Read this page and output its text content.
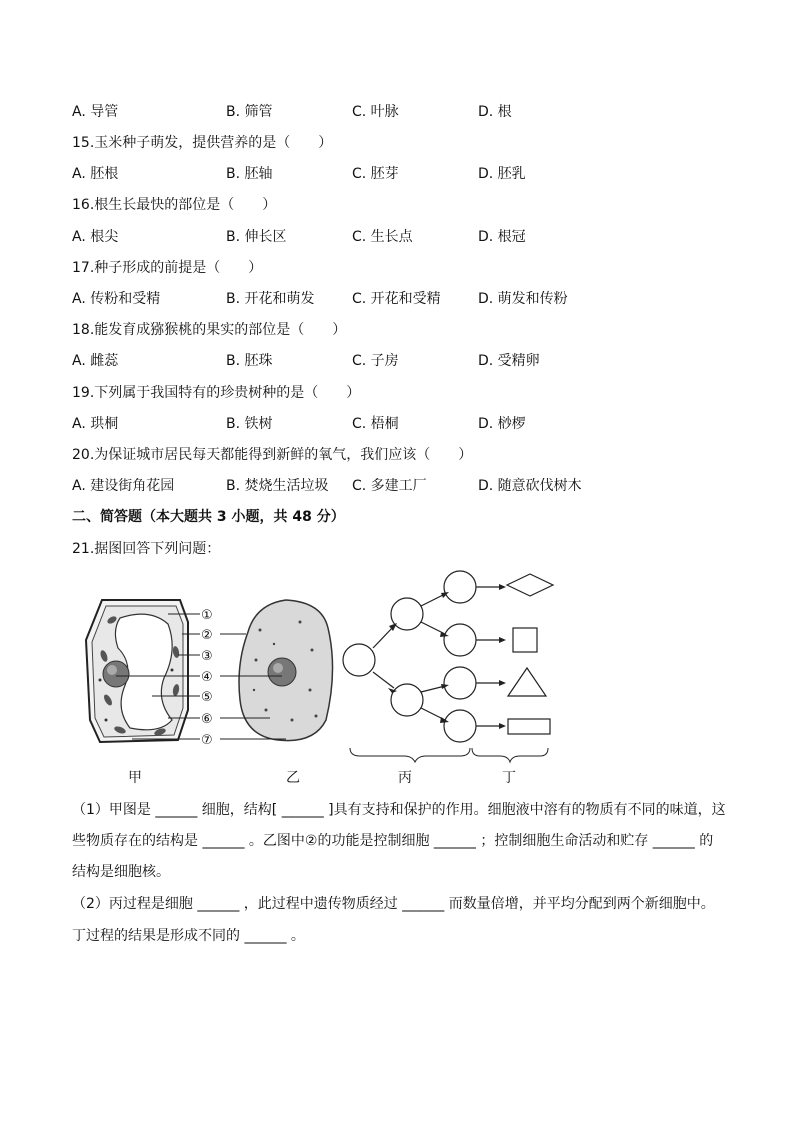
A. 导管	B. 筛管	C. 叶脉	D. 根
15.玉米种子萌发，提供营养的是（　　）
A. 胚根	B. 胚轴	C. 胚芽	D. 胚乳
16.根生长最快的部位是（　　）
A. 根尖	B. 伸长区	C. 生长点	D. 根冠
17.种子形成的前提是（　　）
A. 传粉和受精	B. 开花和萌发	C. 开花和受精	D. 萌发和传粉
18.能发育成猕猴桃的果实的部位是（　　）
A. 雌蕊	B. 胚珠	C. 子房	D. 受精卵
19.下列属于我国特有的珍贵树种的是（　　）
A. 珙桐	B. 铁树	C. 梧桐	D. 桫椤
20.为保证城市居民每天都能得到新鲜的氧气，我们应该（　　）
A. 建设街角花园	B. 焚烧生活垃圾 C. 多建工厂	D. 随意砍伐树木
二、简答题（本大题共 3 小题，共 48 分）
21.据图回答下列问题：
①
②
③
④
⑤
⑥
⑦
甲	乙	丙	丁
（1）甲图是 ______ 细胞，结构[ ______ ]具有支持和保护的作用。细胞液中溶有的物质有不同的味道，这
些物质存在的结构是 ______ 。乙图中②的功能是控制细胞 ______ ；控制细胞生命活动和贮存 ______ 的
结构是细胞核。
（2）丙过程是细胞 ______ ，此过程中遗传物质经过 ______ 而数量倍增，并平均分配到两个新细胞中。
丁过程的结果是形成不同的 ______ 。
